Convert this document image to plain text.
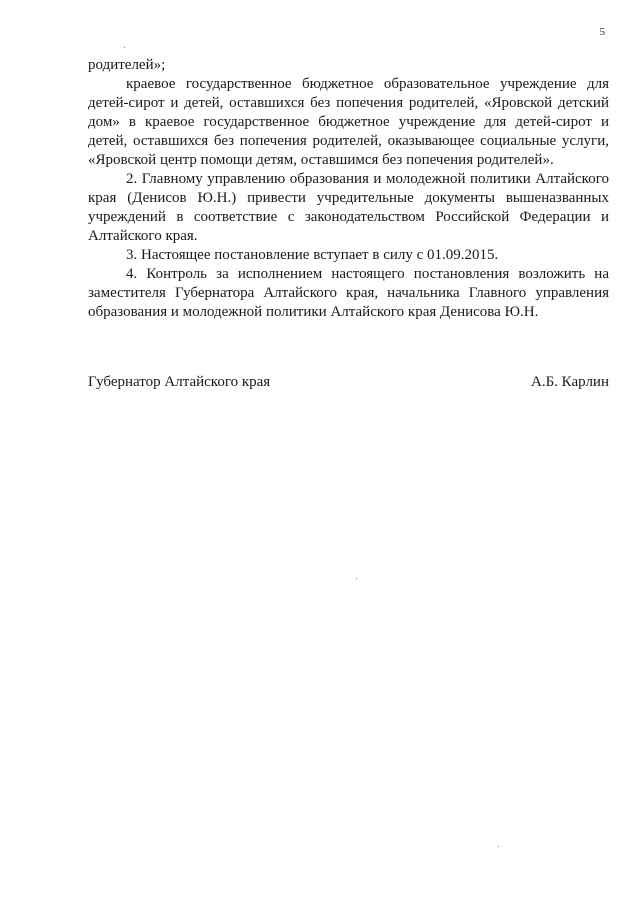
5

родителей»;

краевое государственное бюджетное образовательное учреждение для детей-сирот и детей, оставшихся без попечения родителей, «Яровской детский дом» в краевое государственное бюджетное учреждение для детей-сирот и детей, оставшихся без попечения родителей, оказывающее социальные услуги, «Яровской центр помощи детям, оставшимся без попечения родителей».

2. Главному управлению образования и молодежной политики Алтайского края (Денисов Ю.Н.) привести учредительные документы вышеназванных учреждений в соответствие с законодательством Российской Федерации и Алтайского края.

3. Настоящее постановление вступает в силу с 01.09.2015.

4. Контроль за исполнением настоящего постановления возложить на заместителя Губернатора Алтайского края, начальника Главного управления образования и молодежной политики Алтайского края Денисова Ю.Н.

Губернатор Алтайского края	А.Б. Карлин
